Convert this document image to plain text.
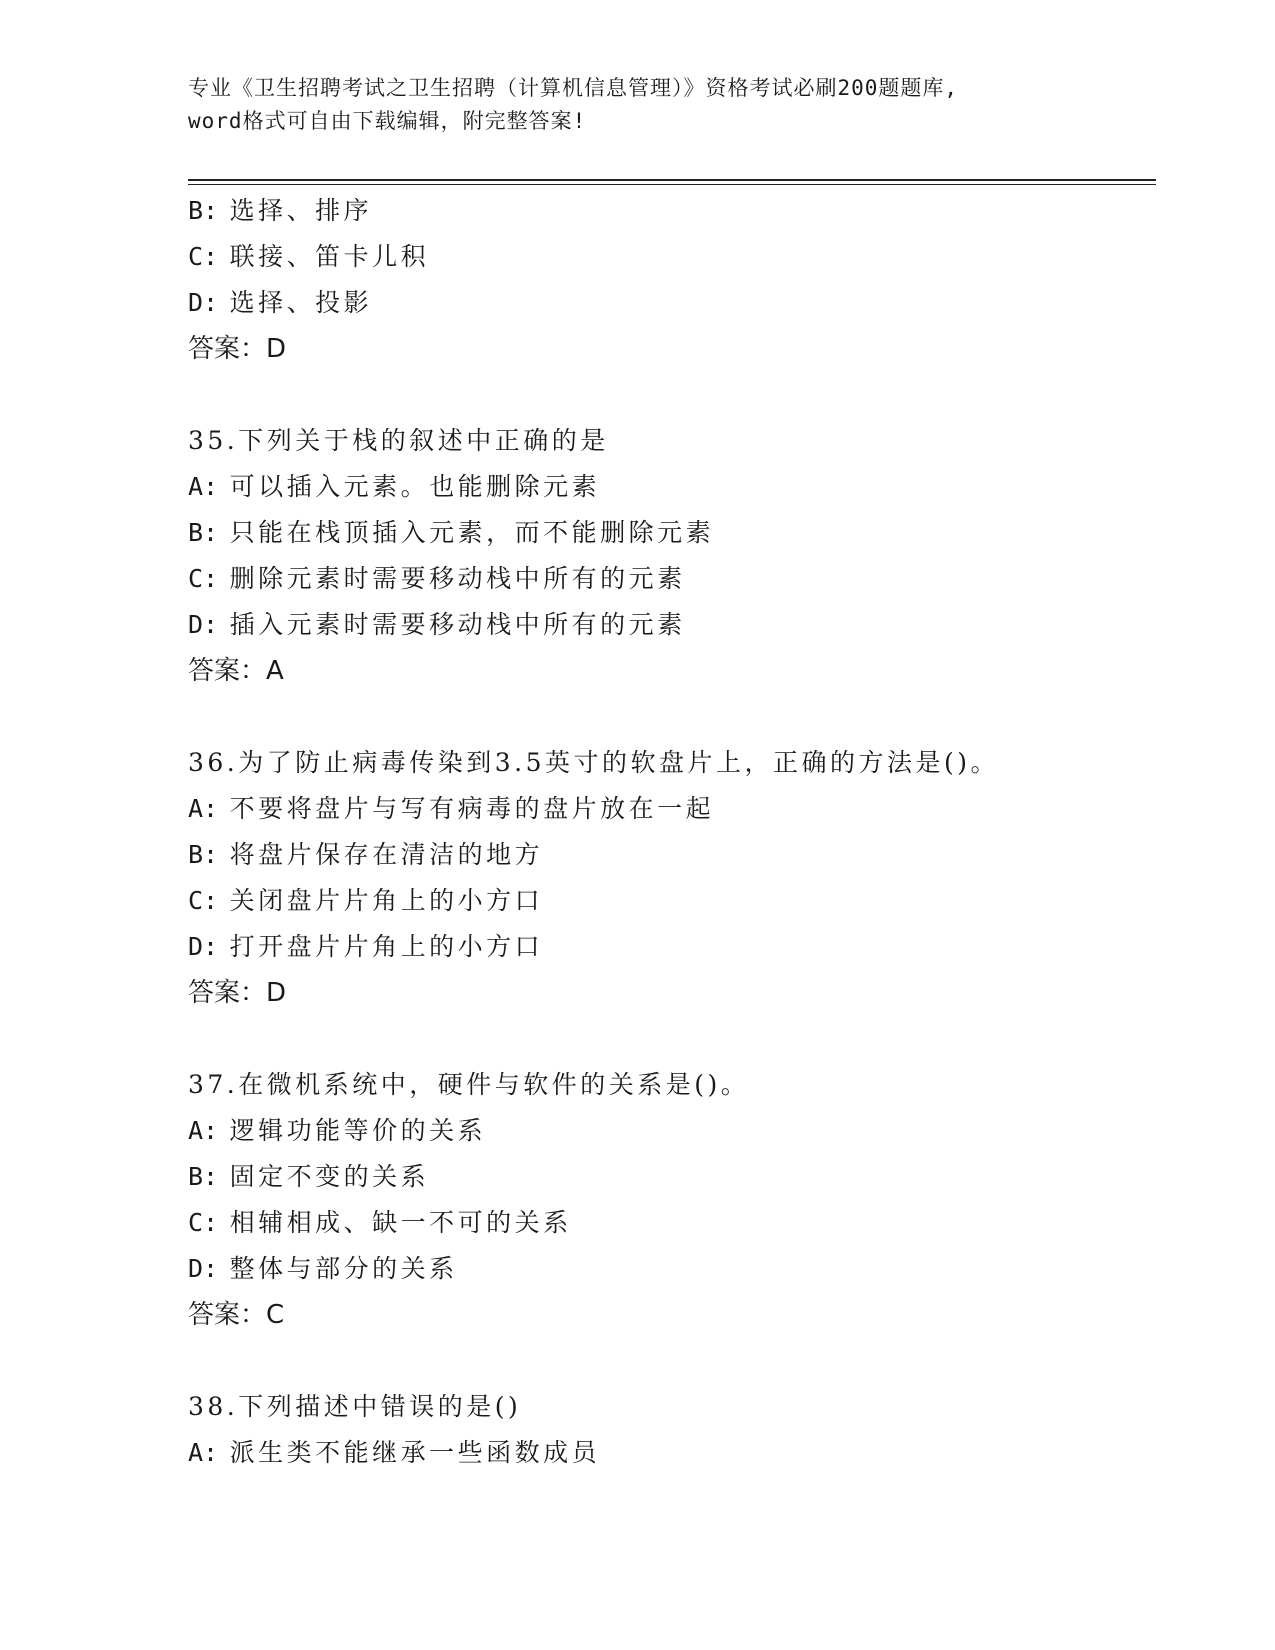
专业《卫生招聘考试之卫生招聘（计算机信息管理）》资格考试必刷200题题库,
word格式可自由下载编辑，附完整答案!
B: 选择、排序
C: 联接、笛卡儿积
D: 选择、投影
答案：D
35.下列关于栈的叙述中正确的是
A: 可以插入元素。也能删除元素
B: 只能在栈顶插入元素，而不能删除元素
C: 删除元素时需要移动栈中所有的元素
D: 插入元素时需要移动栈中所有的元素
答案：A
36.为了防止病毒传染到3.5英寸的软盘片上，正确的方法是()。
A: 不要将盘片与写有病毒的盘片放在一起
B: 将盘片保存在清洁的地方
C: 关闭盘片片角上的小方口
D: 打开盘片片角上的小方口
答案：D
37.在微机系统中，硬件与软件的关系是()。
A: 逻辑功能等价的关系
B: 固定不变的关系
C: 相辅相成、缺一不可的关系
D: 整体与部分的关系
答案：C
38.下列描述中错误的是()
A: 派生类不能继承一些函数成员
